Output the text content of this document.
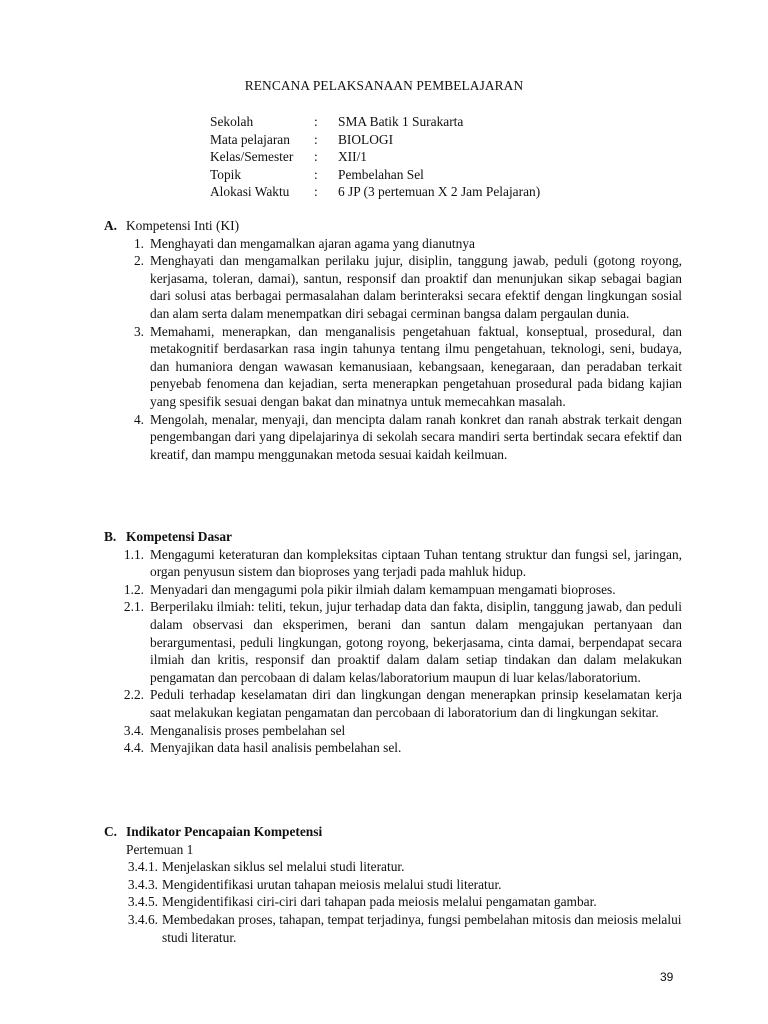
RENCANA PELAKSANAAN PEMBELAJARAN
Sekolah	:	SMA Batik 1 Surakarta
Mata pelajaran	:	BIOLOGI
Kelas/Semester	:	XII/1
Topik	:	Pembelahan Sel
Alokasi Waktu	:	6 JP (3 pertemuan X 2 Jam Pelajaran)
A. Kompetensi Inti (KI)
1. Menghayati dan mengamalkan ajaran agama yang dianutnya
2. Menghayati dan mengamalkan perilaku jujur, disiplin, tanggung jawab, peduli (gotong royong, kerjasama, toleran, damai), santun, responsif dan proaktif dan menunjukan sikap sebagai bagian dari solusi atas berbagai permasalahan dalam berinteraksi secara efektif dengan lingkungan sosial dan alam serta dalam menempatkan diri sebagai cerminan bangsa dalam pergaulan dunia.
3. Memahami, menerapkan, dan menganalisis pengetahuan faktual, konseptual, prosedural, dan metakognitif berdasarkan rasa ingin tahunya tentang ilmu pengetahuan, teknologi, seni, budaya, dan humaniora dengan wawasan kemanusiaan, kebangsaan, kenegaraan, dan peradaban terkait penyebab fenomena dan kejadian, serta menerapkan pengetahuan prosedural pada bidang kajian yang spesifik sesuai dengan bakat dan minatnya untuk memecahkan masalah.
4. Mengolah, menalar, menyaji, dan mencipta dalam ranah konkret dan ranah abstrak terkait dengan pengembangan dari yang dipelajarinya di sekolah secara mandiri serta bertindak secara efektif dan kreatif, dan mampu menggunakan metoda sesuai kaidah keilmuan.
B. Kompetensi Dasar
1.1. Mengagumi keteraturan dan kompleksitas ciptaan Tuhan tentang struktur dan fungsi sel, jaringan, organ penyusun sistem dan bioproses yang terjadi pada mahluk hidup.
1.2. Menyadari dan mengagumi pola pikir ilmiah dalam kemampuan mengamati bioproses.
2.1. Berperilaku ilmiah: teliti, tekun, jujur terhadap data dan fakta, disiplin, tanggung jawab, dan peduli dalam observasi dan eksperimen, berani dan santun dalam mengajukan pertanyaan dan berargumentasi, peduli lingkungan, gotong royong, bekerjasama, cinta damai, berpendapat secara ilmiah dan kritis, responsif dan proaktif dalam dalam setiap tindakan dan dalam melakukan pengamatan dan percobaan di dalam kelas/laboratorium maupun di luar kelas/laboratorium.
2.2. Peduli terhadap keselamatan diri dan lingkungan dengan menerapkan prinsip keselamatan kerja saat melakukan kegiatan pengamatan dan percobaan di laboratorium dan di lingkungan sekitar.
3.4. Menganalisis proses pembelahan sel
4.4. Menyajikan data hasil analisis pembelahan sel.
C. Indikator Pencapaian Kompetensi
Pertemuan 1
3.4.1. Menjelaskan siklus sel melalui studi literatur.
3.4.3. Mengidentifikasi urutan tahapan meiosis melalui studi literatur.
3.4.5. Mengidentifikasi ciri-ciri dari tahapan pada meiosis melalui pengamatan gambar.
3.4.6. Membedakan proses, tahapan, tempat terjadinya, fungsi pembelahan mitosis dan meiosis melalui studi literatur.
39
